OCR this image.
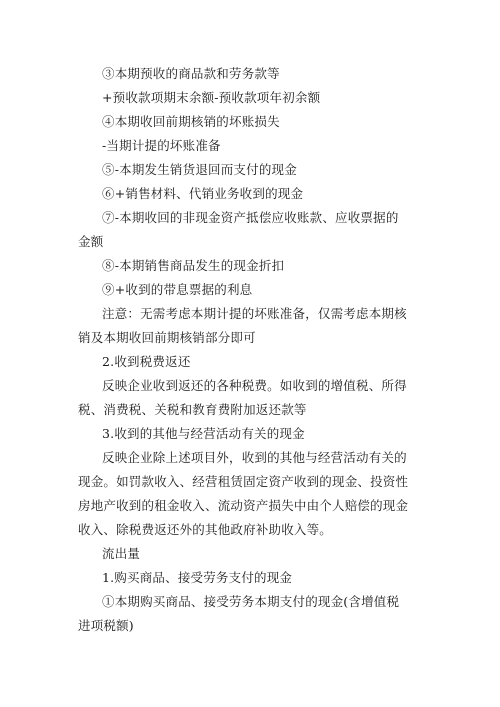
③本期预收的商品款和劳务款等
+预收款项期末余额-预收款项年初余额
④本期收回前期核销的坏账损失
-当期计提的坏账准备
⑤-本期发生销货退回而支付的现金
⑥+销售材料、代销业务收到的现金
⑦-本期收回的非现金资产抵偿应收账款、应收票据的
金额
⑧-本期销售商品发生的现金折扣
⑨+收到的带息票据的利息
注意：无需考虑本期计提的坏账准备，仅需考虑本期核
销及本期收回前期核销部分即可
2.收到税费返还
反映企业收到返还的各种税费。如收到的增值税、所得
税、消费税、关税和教育费附加返还款等
3.收到的其他与经营活动有关的现金
反映企业除上述项目外，收到的其他与经营活动有关的
现金。如罚款收入、经营租赁固定资产收到的现金、投资性
房地产收到的租金收入、流动资产损失中由个人赔偿的现金
收入、除税费返还外的其他政府补助收入等。
流出量
1.购买商品、接受劳务支付的现金
①本期购买商品、接受劳务本期支付的现金(含增值税
进项税额)
